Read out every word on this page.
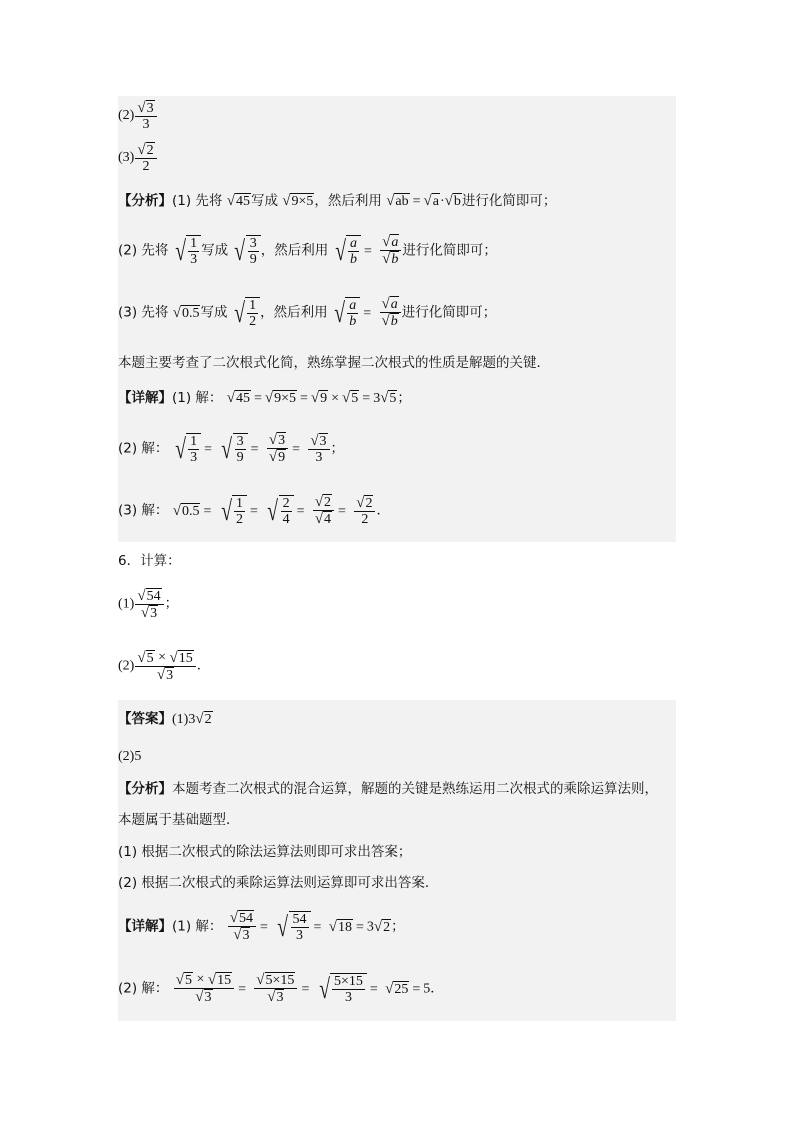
$(2) \frac{√ 3}{3}$
$(3) \frac{√ 2}{2}$
【分析】(1) 先将 √ 45 写成 √ 9×5 ，然后利用 √ ab = √ a · √ b 进行化简即可；
(2) 先将 √ $\frac{1}{3}$ 写成 √ $\frac{3}{9}$ ，然后利用 √ $\frac{a}{b} = \frac{√ a}{√ b}$ 进行化简即可；
(3) 先将 √ 0.5 写成 √ $\frac{1}{2}$ ，然后利用 √ $\frac{a}{b} = \frac{√ a}{√ b}$ 进行化简即可；
本题主要考查了二次根式化简，熟练掌握二次根式的性质是解题的关键．
【详解】(1) 解： √ 45 = √ 9×5 = √ 9 × √ 5 = 3 √ 5 ；
(2) 解： √ $\frac{1}{3}$ = √ $\frac{3}{9} = \frac{√ 3}{√ 9} = \frac{√ 3}{3}$ ；
(3) 解： √ 0.5 = √ $\frac{1}{2}$ = √ $\frac{2}{4} = \frac{√ 2}{√ 4} = \frac{√ 2}{2}$ ．
6．计算：
$(1) \frac{√ 54}{√ 3}$ ；
$(2) \frac{√ 5 \times √ 15}{√ 3}$ ．
【答案】(1)3 √ 2
(2)5
【分析】本题考查二次根式的混合运算，解题的关键是熟练运用二次根式的乘除运算法则，
本题属于基础题型．
(1) 根据二次根式的除法运算法则即可求出答案；
(2) 根据二次根式的乘除运算法则运算即可求出答案．
【详解】(1) 解： $\frac{√ 54}{√ 3}$ = √ $\frac{54}{3}$ = √ 18 = 3 √ 2 ；
(2) 解： $\frac{√ 5 \times √ 15}{√ 3} = \frac{√ 5\times 15}{√ 3}$ = √ $\frac{5\times 15}{3}$ = √ 25 = 5．
